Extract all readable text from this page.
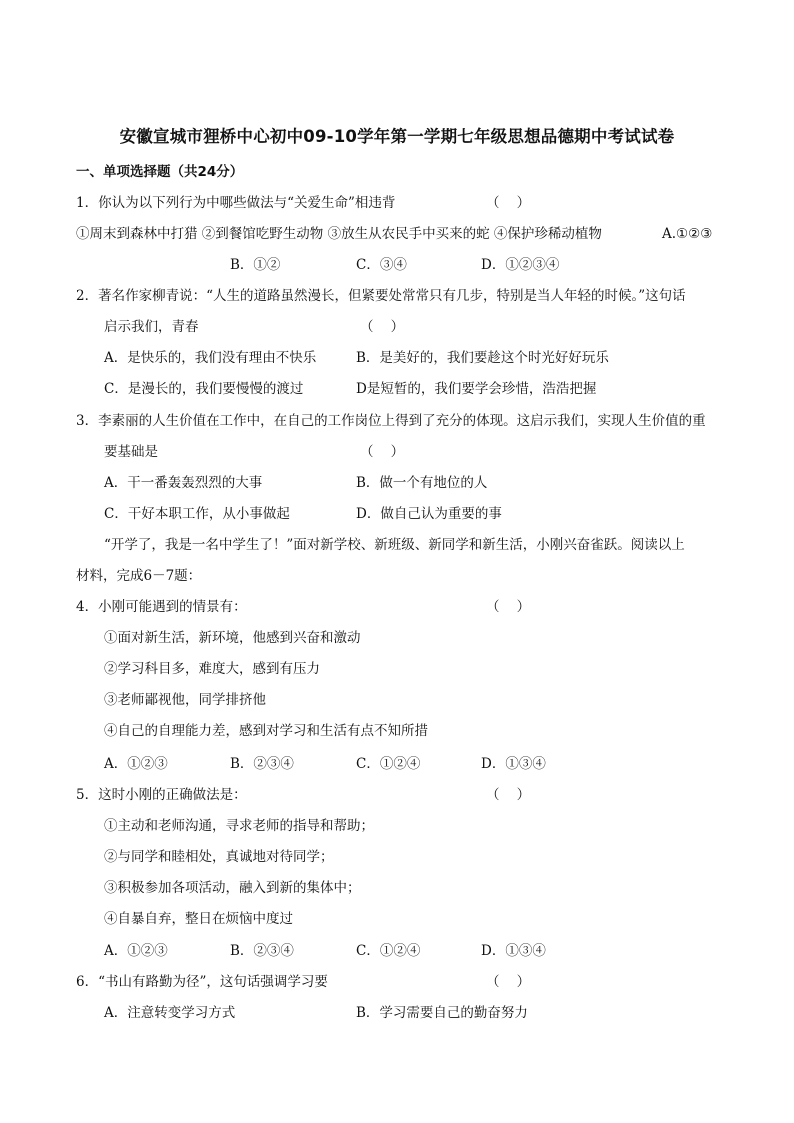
安徽宣城市狸桥中心初中09-10学年第一学期七年级思想品德期中考试试卷
一、单项选择题（共24分）
1．你认为以下列行为中哪些做法与“关爱生命”相违背	（    ）
①周末到森林中打猎 ②到餐馆吃野生动物 ③放生从农民手中买来的蛇 ④保护珍稀动植物	A.①②③
B．①②	C．③④	D．①②③④
2．著名作家柳青说：“人生的道路虽然漫长，但紧要处常常只有几步，特别是当人年轻的时候。”这句话
启示我们，青春	（    ）
A．是快乐的，我们没有理由不快乐	B．是美好的，我们要趁这个时光好好玩乐
C．是漫长的，我们要慢慢的渡过	D是短暂的，我们要学会珍惜，浩浩把握
3．李素丽的人生价值在工作中，在自己的工作岗位上得到了充分的体现。这启示我们，实现人生价值的重
要基础是	（    ）
A．干一番轰轰烈烈的大事	B．做一个有地位的人
C．干好本职工作，从小事做起	D．做自己认为重要的事
“开学了，我是一名中学生了！”面对新学校、新班级、新同学和新生活，小刚兴奋雀跃。阅读以上
材料，完成6－7题：
4．小刚可能遇到的情景有：	（    ）
①面对新生活，新环境，他感到兴奋和激动
②学习科目多，难度大，感到有压力
③老师鄙视他，同学排挤他
④自己的自理能力差，感到对学习和生活有点不知所措
A．①②③	B．②③④	C．①②④	D．①③④
5．这时小刚的正确做法是：	（    ）
①主动和老师沟通，寻求老师的指导和帮助；
②与同学和睦相处，真诚地对待同学；
③积极参加各项活动，融入到新的集体中；
④自暴自弃，整日在烦恼中度过
A．①②③	B．②③④	C．①②④	D．①③④
6．“书山有路勤为径”，这句话强调学习要	（    ）
A．注意转变学习方式	B．学习需要自己的勤奋努力
